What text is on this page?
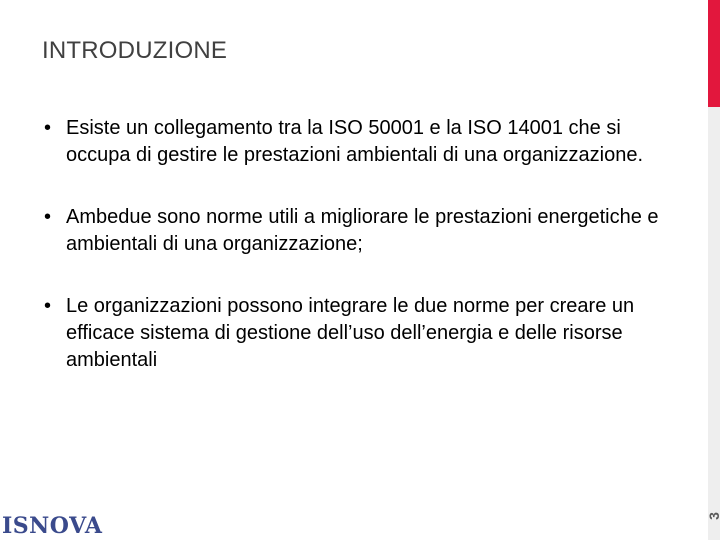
INTRODUZIONE
• Esiste un collegamento tra la ISO 50001 e la ISO 14001 che si occupa di gestire le prestazioni ambientali di una organizzazione.
• Ambedue sono norme utili a migliorare le prestazioni energetiche e ambientali di una organizzazione;
• Le organizzazioni possono integrare le due norme per creare un efficace sistema di gestione dell’uso dell’energia e delle risorse ambientali
3
ISNOVA
